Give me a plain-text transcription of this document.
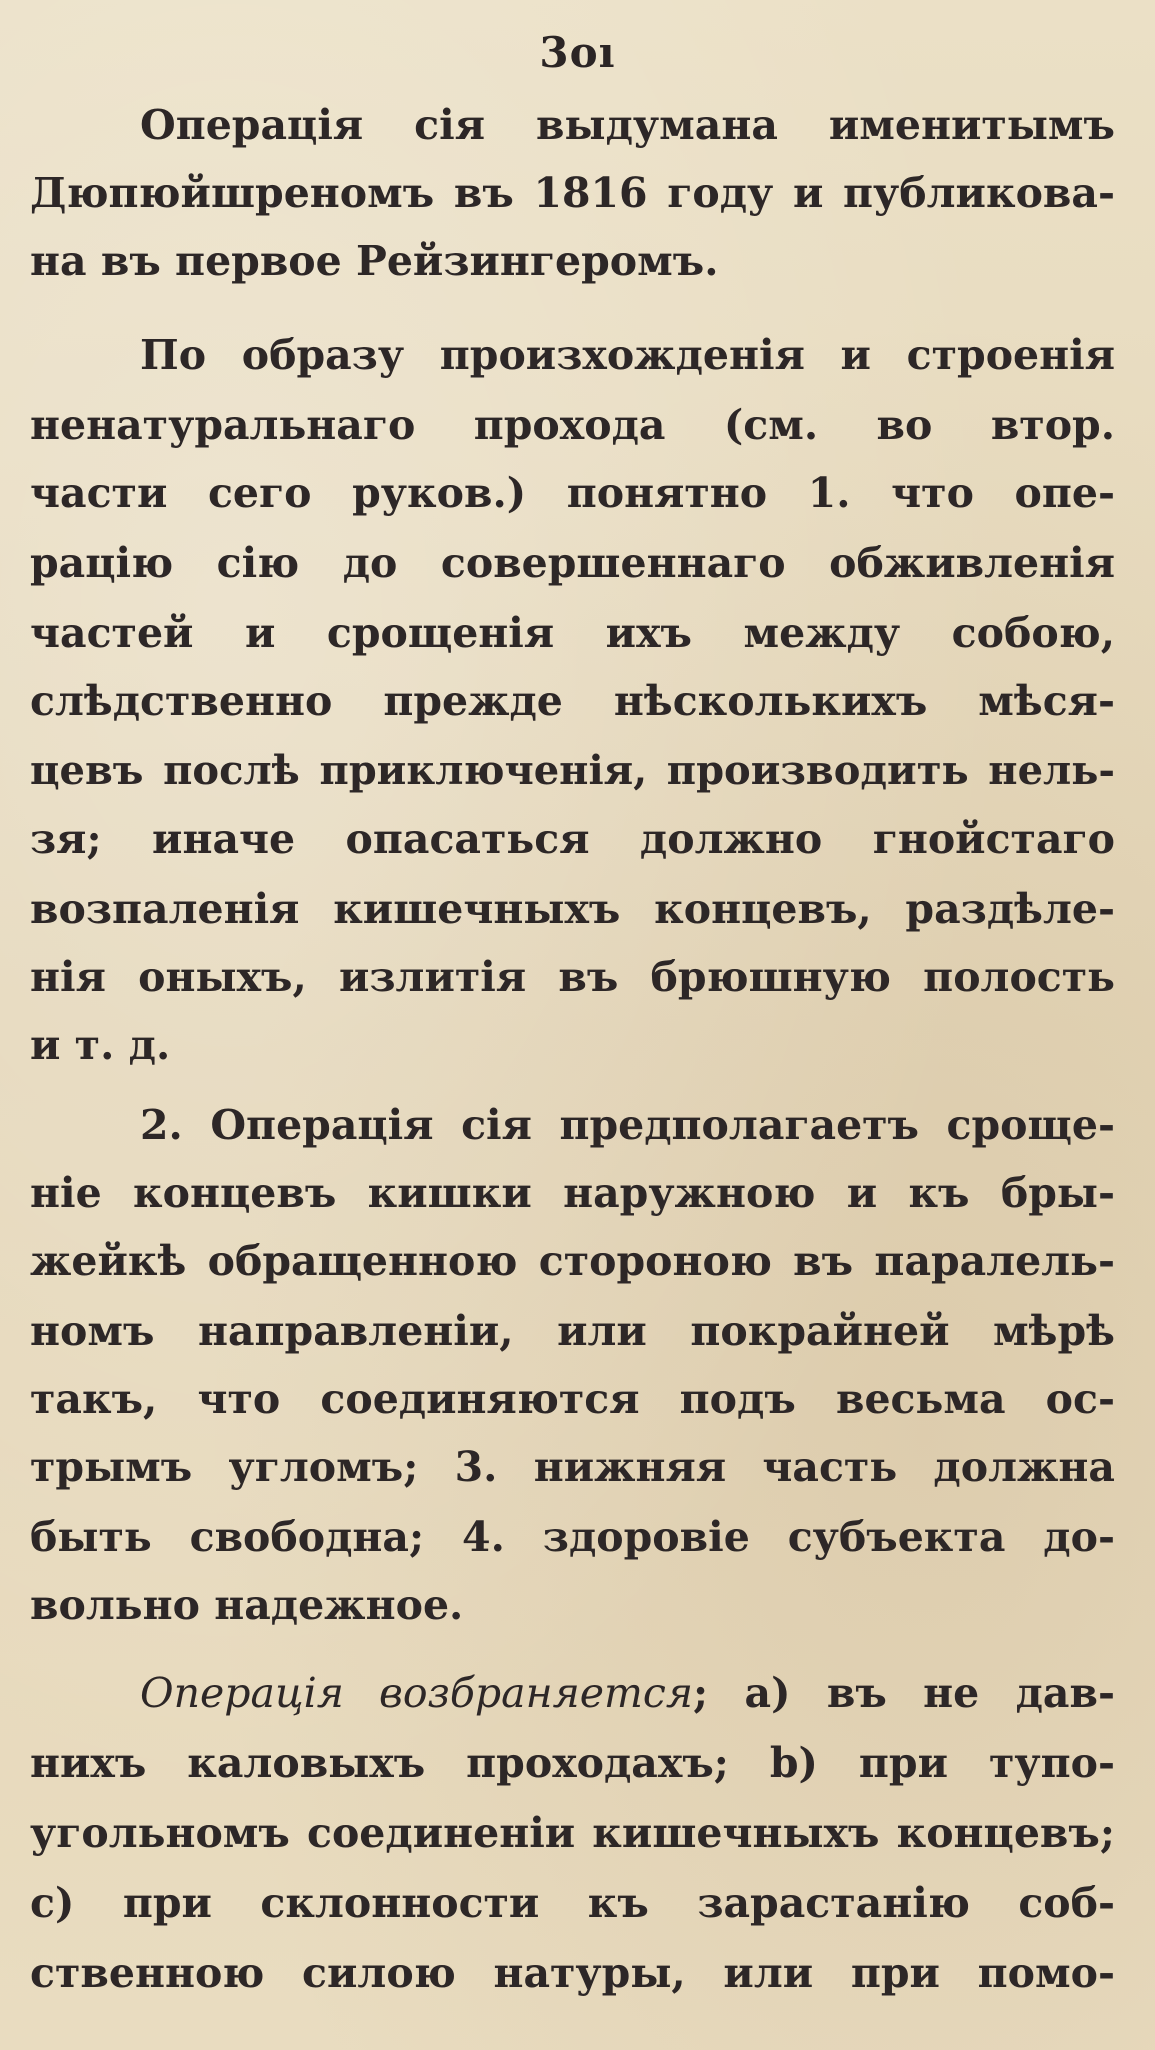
3oı
Операція сія выдумана именитымъ
Дюпюйшреномъ въ 1816 году и публикова-
на въ первое Рейзингеромъ.
По образу произхожденія и строенія
ненатуральнаго прохода (см. во втор.
части сего руков.) понятно 1. что опе-
рацію сію до совершеннаго обживленія
частей и срощенія ихъ между собою,
слѣдственно прежде нѣсколькихъ мѣся-
цевъ послѣ приключенія, производить нель-
зя; иначе опасаться должно гнойстаго
возпаленія кишечныхъ концевъ, раздѣле-
нія оныхъ, излитія въ брюшную полость
и т. д.
2. Операція сія предполагаетъ сроще-
ніе концевъ кишки наружною и къ бры-
жейкѣ обращенною стороною въ паралель-
номъ направленіи, или покрайней мѣрѣ
такъ, что соединяются подъ весьма ос-
трымъ угломъ; 3. нижняя часть должна
быть свободна; 4. здоровіе субъекта до-
вольно надежное.
Операція возбраняется; а) въ не дав-
нихъ каловыхъ проходахъ; b) при тупо-
угольномъ соединеніи кишечныхъ концевъ;
с) при склонности къ зарастанію соб-
ственною силою натуры, или при помо-
